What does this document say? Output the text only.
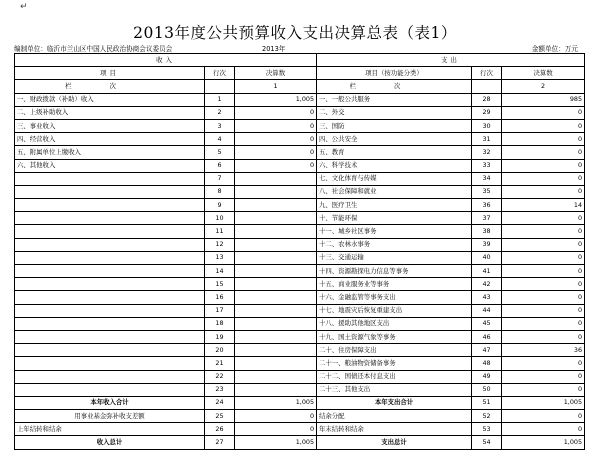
↵
2013年度公共预算收入支出决算总表（表1）
编制单位：临沂市兰山区中国人民政治协商会议委员会	2013年	金额单位：万元
收入			支出		
项目	行次	决算数	项目（按功能分类）	行次	决算数
栏次		1	栏次		2
一、财政拨款（补助）收入	1	1,005	一、一般公共服务	28	985
二、上级补助收入	2	0	二、外交	29	0
三、事业收入	3	0	三、国防	30	0
四、经营收入	4	0	四、公共安全	31	0
五、附属单位上缴收入	5	0	五、教育	32	0
六、其他收入	6	0	六、科学技术	33	0
	7		七、文化体育与传媒	34	0
	8		八、社会保障和就业	35	0
	9		九、医疗卫生	36	14
	10		十、节能环保	37	0
	11		十一、城乡社区事务	38	0
	12		十二、农林水事务	39	0
	13		十三、交通运输	40	0
	14		十四、资源勘探电力信息等事务	41	0
	15		十五、商业服务业等事务	42	0
	16		十六、金融监管等事务支出	43	0
	17		十七、地震灾后恢复重建支出	44	0
	18		十八、援助其他地区支出	45	0
	19		十九、国土资源气象等事务	46	0
	20		二十、住房保障支出	47	36
	21		二十一、粮油物资储备事务	48	0
	22		二十二、国债还本付息支出	49	0
	23		二十三、其他支出	50	0
本年收入合计	24	1,005	本年支出合计	51	1,005
用事业基金弥补收支差额	25	0	结余分配	52	0
上年结转和结余	26	0	年末结转和结余	53	0
收入总计	27	1,005	支出总计	54	1,005
